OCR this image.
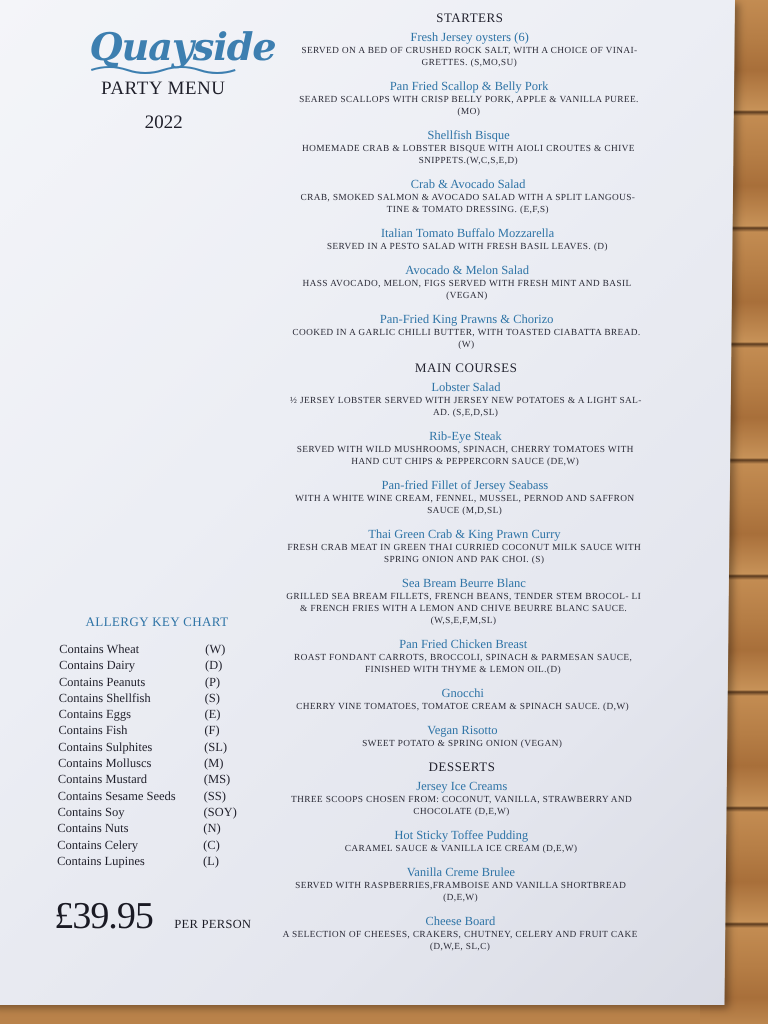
Quayside
PARTY MENU
2022
STARTERS
Fresh Jersey oysters (6)
SERVED ON A BED OF CRUSHED ROCK SALT, WITH A CHOICE OF VINAI- GRETTES. (S,MO,SU)
Pan Fried Scallop & Belly Pork
SEARED SCALLOPS WITH CRISP BELLY PORK, APPLE & VANILLA PUREE. (MO)
Shellfish Bisque
HOMEMADE CRAB & LOBSTER BISQUE WITH AIOLI CROUTES & CHIVE SNIPPETS.(W,C,S,E,D)
Crab & Avocado Salad
CRAB, SMOKED SALMON & AVOCADO SALAD WITH A SPLIT LANGOUS- TINE & TOMATO DRESSING. (E,F,S)
Italian Tomato Buffalo Mozzarella
SERVED IN A PESTO SALAD WITH FRESH BASIL LEAVES. (D)
Avocado & Melon Salad
HASS AVOCADO, MELON, FIGS SERVED WITH FRESH MINT AND BASIL (VEGAN)
Pan-Fried King Prawns & Chorizo
COOKED IN A GARLIC CHILLI BUTTER, WITH TOASTED CIABATTA BREAD. (W)
MAIN COURSES
Lobster Salad
½ JERSEY LOBSTER SERVED WITH JERSEY NEW POTATOES & A LIGHT SAL- AD. (S,E,D,SL)
Rib-Eye Steak
SERVED WITH WILD MUSHROOMS, SPINACH, CHERRY TOMATOES WITH HAND CUT CHIPS & PEPPERCORN SAUCE (DE,W)
Pan-fried Fillet of Jersey Seabass
WITH A WHITE WINE CREAM, FENNEL, MUSSEL, PERNOD AND SAFFRON SAUCE (M,D,SL)
Thai Green Crab & King Prawn Curry
FRESH CRAB MEAT IN GREEN THAI CURRIED COCONUT MILK SAUCE WITH SPRING ONION AND PAK CHOI. (S)
Sea Bream Beurre Blanc
GRILLED SEA BREAM FILLETS, FRENCH BEANS, TENDER STEM BROCOL- LI & FRENCH FRIES WITH A LEMON AND CHIVE BEURRE BLANC SAUCE. (W,S,E,F,M,SL)
Pan Fried Chicken Breast
ROAST FONDANT CARROTS, BROCCOLI, SPINACH & PARMESAN SAUCE, FINISHED WITH THYME & LEMON OIL.(D)
Gnocchi
CHERRY VINE TOMATOES, TOMATOE CREAM & SPINACH SAUCE. (D,W)
Vegan Risotto
SWEET POTATO & SPRING ONION (VEGAN)
DESSERTS
Jersey Ice Creams
THREE SCOOPS CHOSEN FROM: COCONUT, VANILLA, STRAWBERRY AND CHOCOLATE (D,E,W)
Hot Sticky Toffee Pudding
CARAMEL SAUCE & VANILLA ICE CREAM (D,E,W)
Vanilla Creme Brulee
SERVED WITH RASPBERRIES,FRAMBOISE AND VANILLA SHORTBREAD (D,E,W)
Cheese Board
A SELECTION OF CHEESES, CRAKERS, CHUTNEY, CELERY AND FRUIT CAKE (D,W,E, SL,C)
ALLERGY KEY CHART
Contains Wheat	(W)
Contains Dairy	(D)
Contains Peanuts	(P)
Contains Shellfish	(S)
Contains Eggs	(E)
Contains Fish	(F)
Contains Sulphites	(SL)
Contains Molluscs	(M)
Contains Mustard	(MS)
Contains Sesame Seeds (SS)
Contains Soy	(SOY)
Contains Nuts	(N)
Contains Celery	(C)
Contains Lupines	(L)
£39.95 PER PERSON
